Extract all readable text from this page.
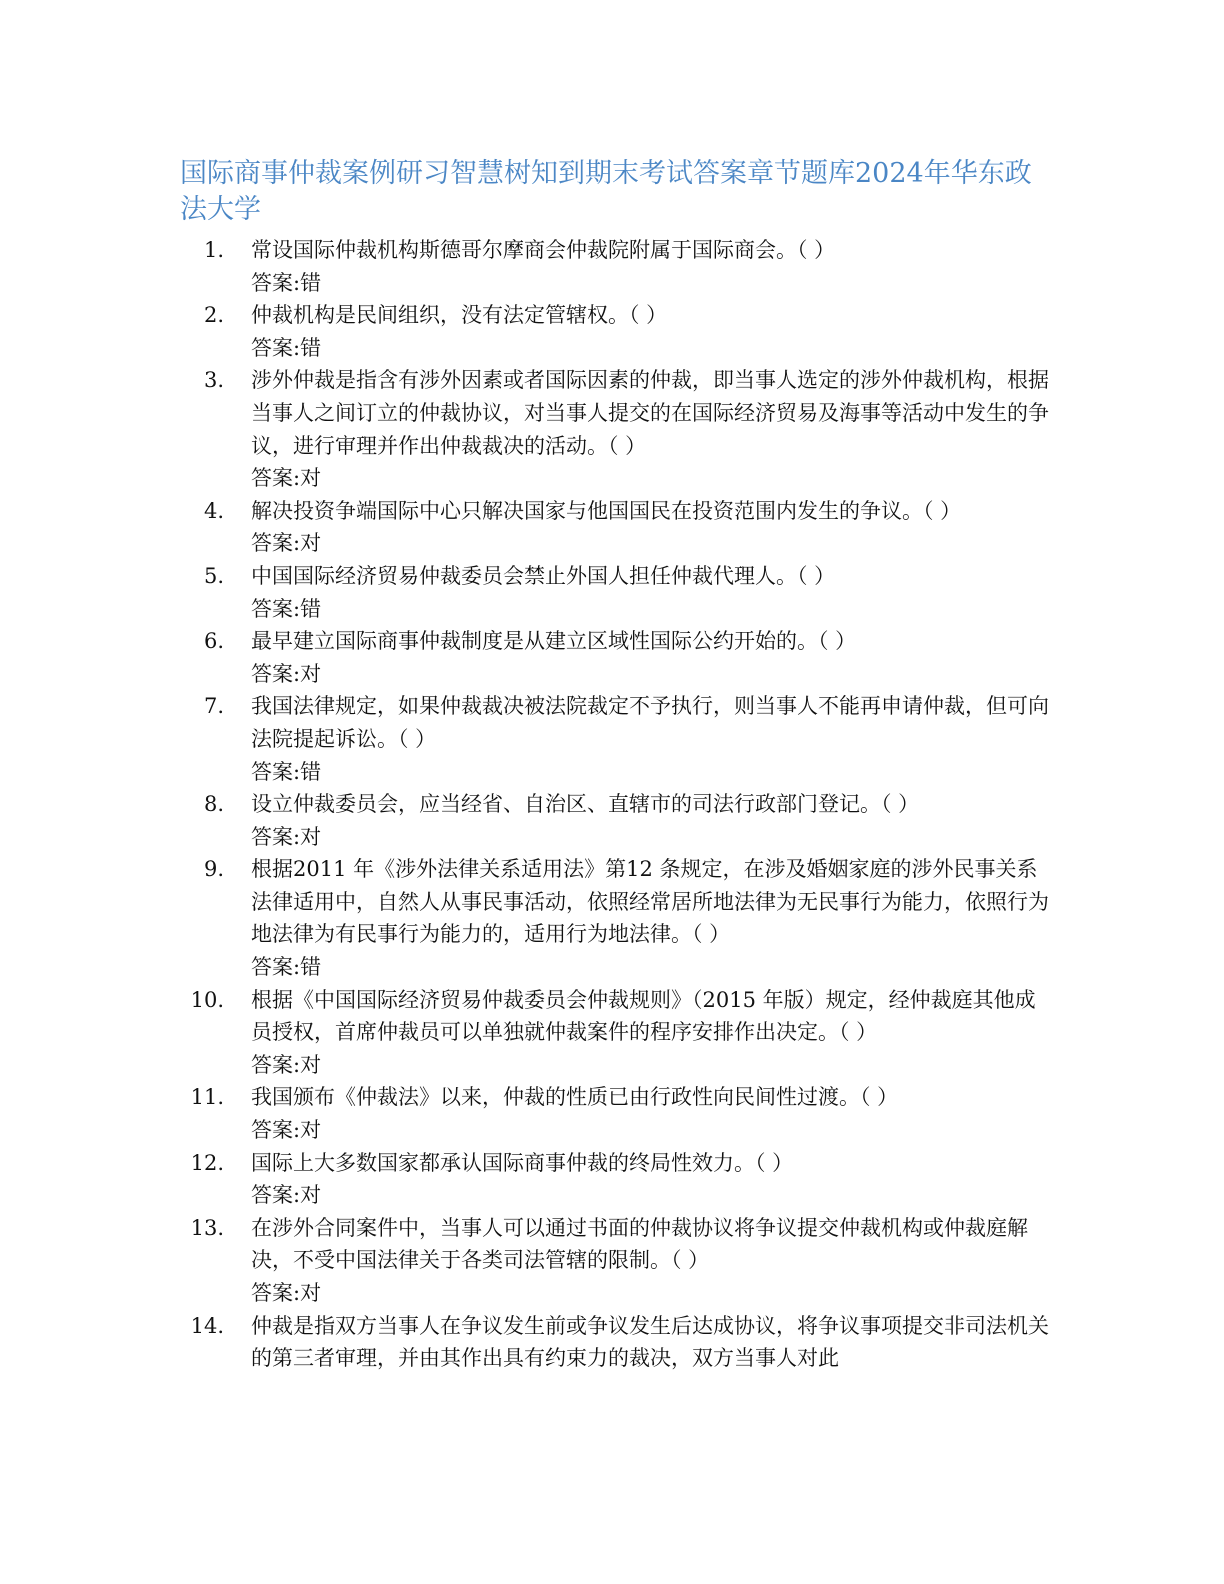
国际商事仲裁案例研习智慧树知到期末考试答案章节题库2024年华东政法大学
1. 常设国际仲裁机构斯德哥尔摩商会仲裁院附属于国际商会。（ ）
答案:错
2. 仲裁机构是民间组织，没有法定管辖权。（ ）
答案:错
3. 涉外仲裁是指含有涉外因素或者国际因素的仲裁，即当事人选定的涉外仲裁机构，根据当事人之间订立的仲裁协议，对当事人提交的在国际经济贸易及海事等活动中发生的争议，进行审理并作出仲裁裁决的活动。（ ）
答案:对
4. 解决投资争端国际中心只解决国家与他国国民在投资范围内发生的争议。（ ）
答案:对
5. 中国国际经济贸易仲裁委员会禁止外国人担任仲裁代理人。（ ）
答案:错
6. 最早建立国际商事仲裁制度是从建立区域性国际公约开始的。（ ）
答案:对
7. 我国法律规定，如果仲裁裁决被法院裁定不予执行，则当事人不能再申请仲裁，但可向法院提起诉讼。（ ）
答案:错
8. 设立仲裁委员会，应当经省、自治区、直辖市的司法行政部门登记。（ ）
答案:对
9. 根据2011 年《涉外法律关系适用法》第12 条规定，在涉及婚姻家庭的涉外民事关系法律适用中，自然人从事民事活动，依照经常居所地法律为无民事行为能力，依照行为地法律为有民事行为能力的，适用行为地法律。（ ）
答案:错
10. 根据《中国国际经济贸易仲裁委员会仲裁规则》（2015 年版）规定，经仲裁庭其他成员授权，首席仲裁员可以单独就仲裁案件的程序安排作出决定。（ ）
答案:对
11. 我国颁布《仲裁法》以来，仲裁的性质已由行政性向民间性过渡。（ ）
答案:对
12. 国际上大多数国家都承认国际商事仲裁的终局性效力。（ ）
答案:对
13. 在涉外合同案件中，当事人可以通过书面的仲裁协议将争议提交仲裁机构或仲裁庭解决，不受中国法律关于各类司法管辖的限制。（ ）
答案:对
14. 仲裁是指双方当事人在争议发生前或争议发生后达成协议，将争议事项提交非司法机关的第三者审理，并由其作出具有约束力的裁决，双方当事人对此
